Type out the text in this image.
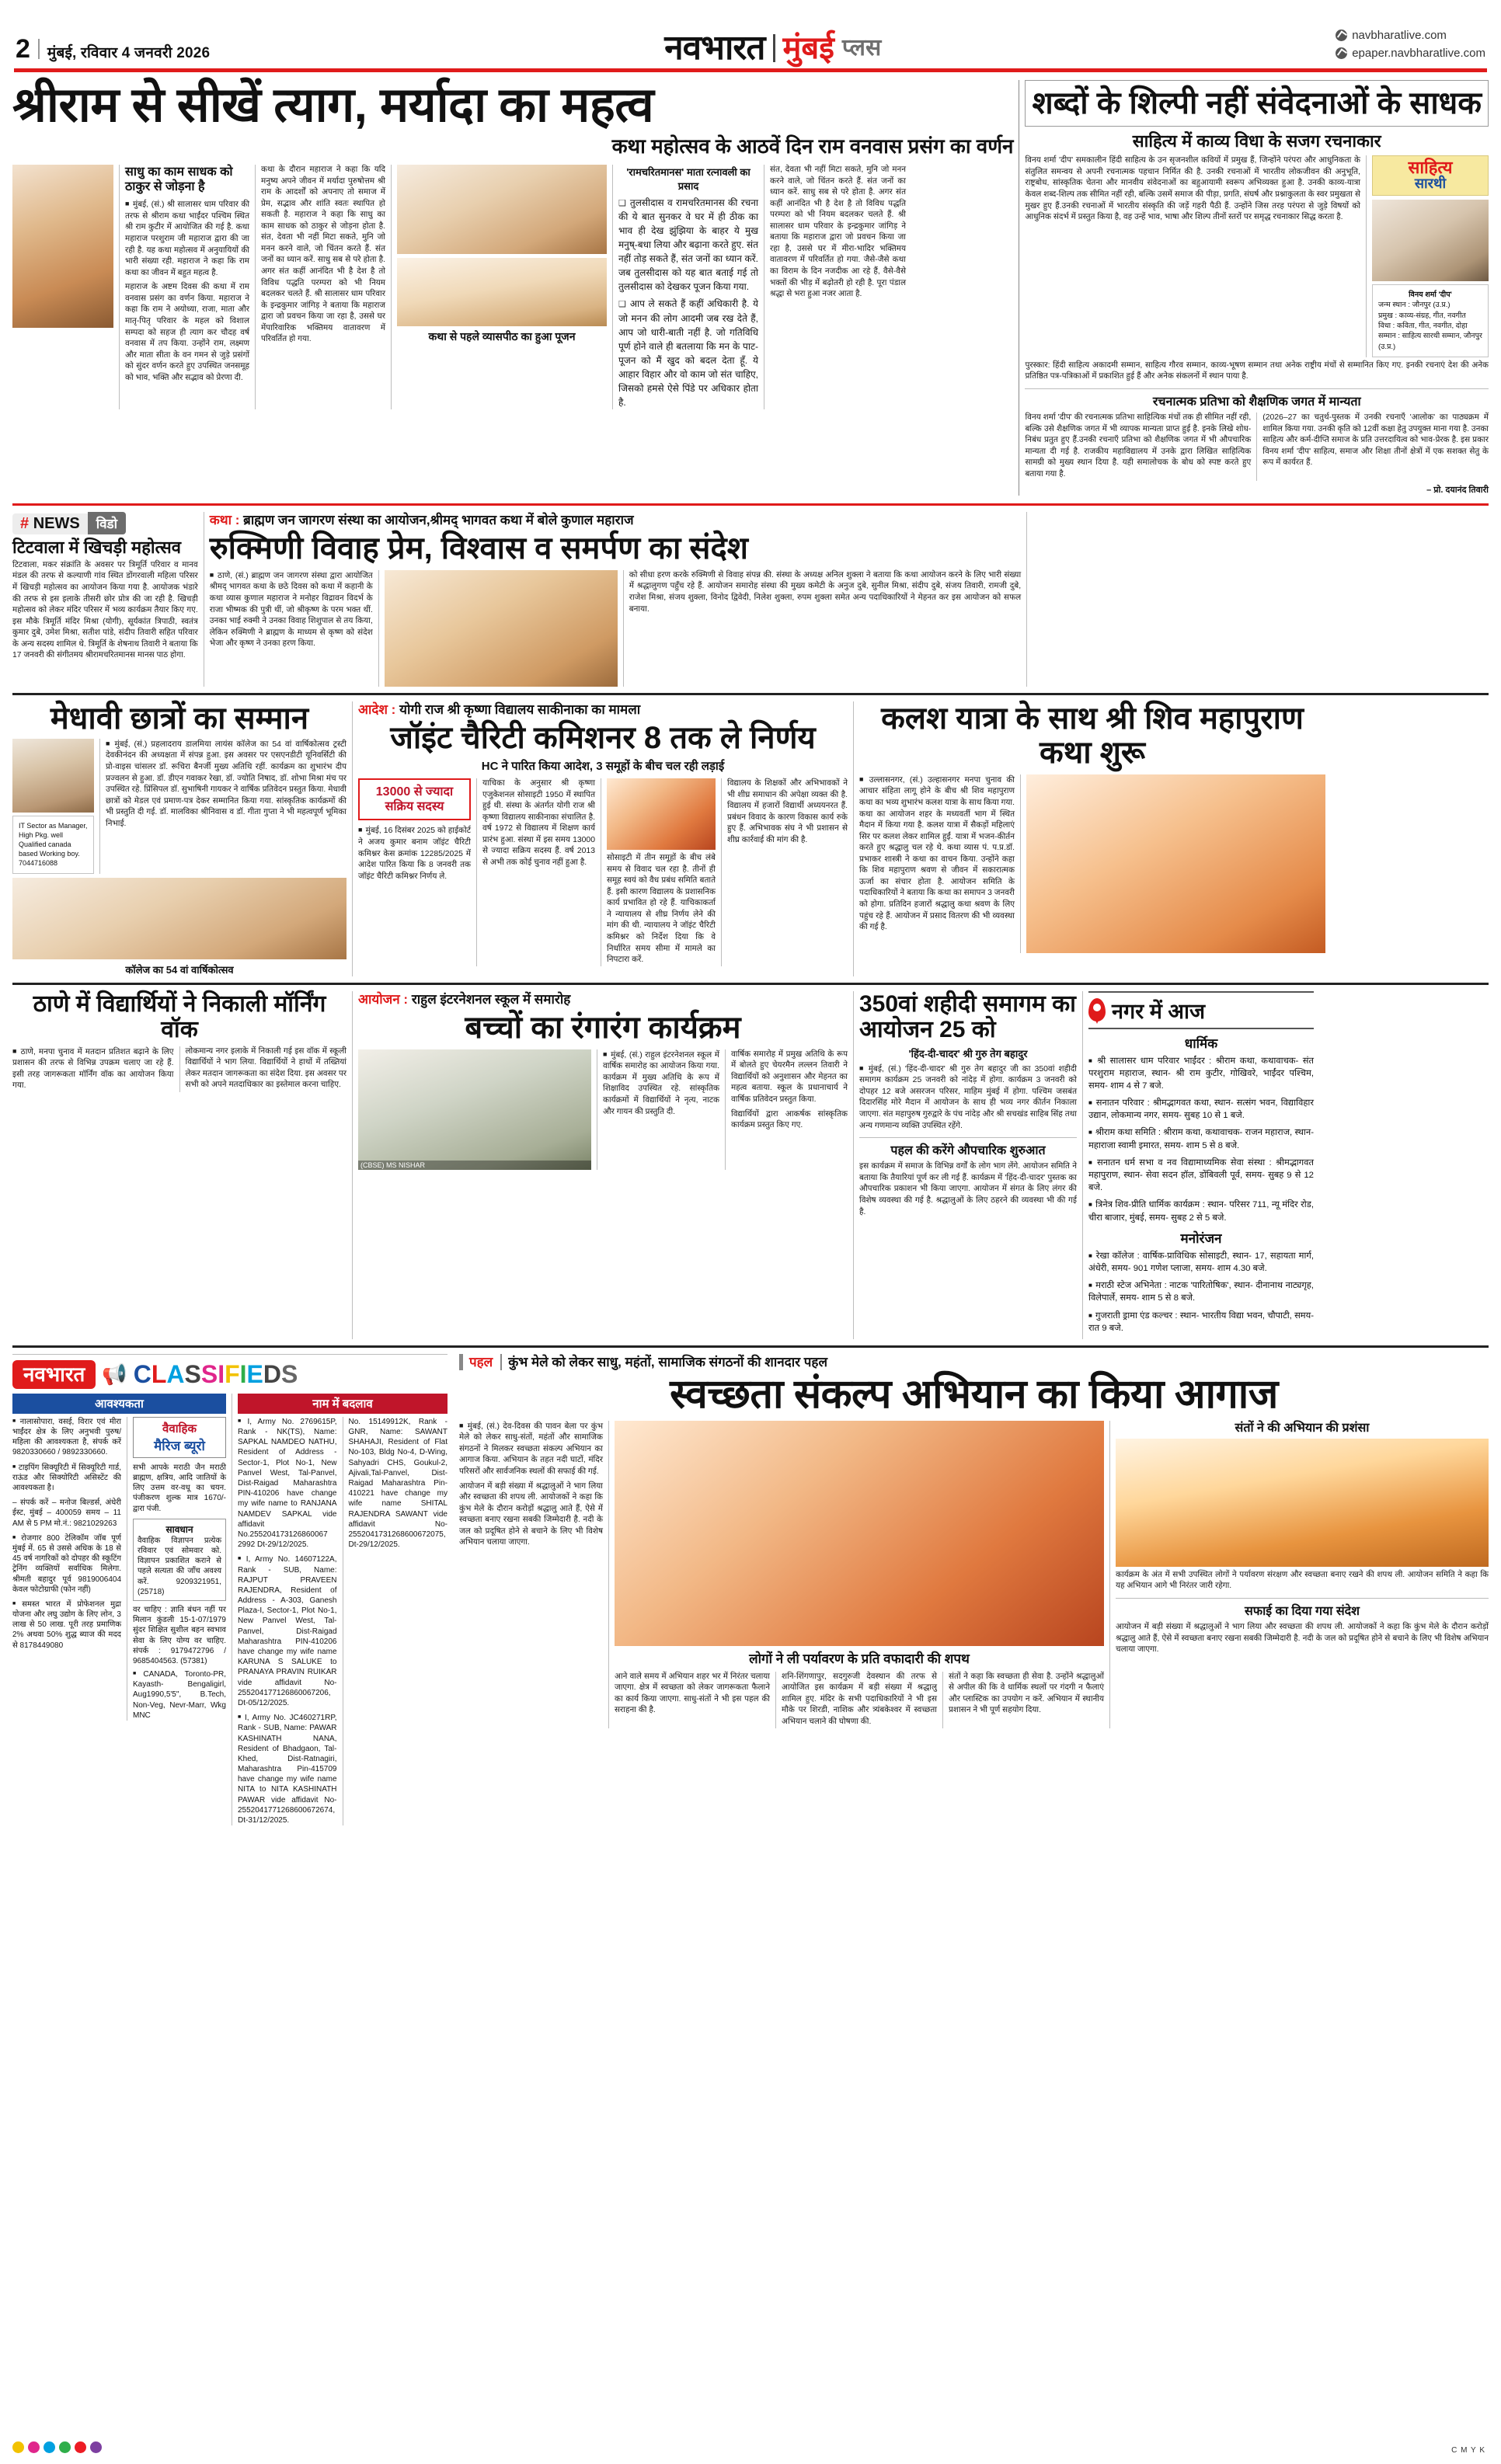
2 मुंबई, रविवार 4 जनवरी 2026	नवभारत मुंबई प्लस	navbharatlive.com
epaper.navbharatlive.com
श्रीराम से सीखें त्याग, मर्यादा का महत्व
कथा महोत्सव के आठवें दिन राम वनवास प्रसंग का वर्णन
साधु का काम साधक को ठाकुर से जोड़ना है

■ मुंबई, (सं.) श्री सालासर धाम परिवार की तरफ से श्रीराम कथा भाईंदर पश्चिम स्थित श्री राम कुटीर में आयोजित की गई है. कथा महाराज परशुराम जी महाराज द्वारा की जा रही है. यह कथा महोत्सव में अनुयायियों की भारी संख्या रही. महाराज ने कहा कि राम कथा का जीवन में बहुत महत्व है.

महाराज के अष्टम दिवस की कथा में राम वनवास प्रसंग का वर्णन किया. महाराज ने कहा कि राम ने अयोध्या, राजा, माता और मातृ-पितृ परिवार के महल को विशाल सम्पदा को सहज ही त्याग कर चौदह वर्ष वनवास में तप किया. उन्होंने राम, लक्ष्मण और माता सीता के वन गमन से जुड़े प्रसंगों को सुंदर वर्णन करते हुए उपस्थित जनसमूह को भाव, भक्ति और सद्भाव को प्रेरणा दी.

कथा के दौरान महाराज ने कहा कि यदि मनुष्य अपने जीवन में मर्यादा पुरुषोत्तम श्री राम के आदर्शों को अपनाए तो समाज में प्रेम, सद्भाव और शांति स्वतः स्थापित हो सकती है. महाराज ने कहा कि साधु का काम साधक को ठाकुर से जोड़ना होता है. संत, देवता भी नहीं मिटा सकते, मुनि जो मनन करने वाले, जो चिंतन करते हैं. संत जनों का ध्यान करें. साधु सब से परे होता है. अगर संत कहीं आनंदित भी है देश है तो विविध पद्धति परम्परा को भी नियम बदलकर चलते हैं. श्री सालासर धाम परिवार के इन्द्रकुमार जांगिड़ ने बताया कि महाराज द्वारा जो प्रवचन किया जा रहा है, उससे घर मेंपारिवारिक भक्तिमय वातावरण में परिवर्तित हो गया.	कथा से पहले व्यासपीठ का हुआ पूजन
'रामचरितमानस' माता रत्नावली का प्रसाद

❑ तुलसीदास व रामचरितमानस की रचना की ये बात सुनकर वे घर में ही ठीक का भाव ही देख झुंझिया के बाहर ये मुख मनुष्-बधा लिया और बढ़ाना करते हुए. संत नहीं तोड़ सकते हैं, संत जनों का ध्यान करें. जब तुलसीदास को यह बात बताई गई तो तुलसीदास को देखकर पूजन किया गया.

❑ आप ले सकते हैं कहीं अधिकारी है. ये जो मनन की लोग आदमी जब रख देते हैं, आप जो धारी-बाती नहीं है. जो गतिविधि पूर्ण होने वाले ही बतलाया कि मन के पाट-पूजन को मैं खुद को बदल देता हूँ. ये आहार विहार और वो काम जो संत चाहिए, जिसको हमसे ऐसे पिंडे पर अधिकार होता है.

संत, देवता भी नहीं मिटा सकते, मुनि जो मनन करने वाले, जो चिंतन करते हैं. संत जनों का ध्यान करें. साधु सब से परे होता है. अगर संत कहीं आनंदित भी है देश है तो विविध पद्धति परम्परा को भी नियम बदलकर चलते हैं. श्री सालासर धाम परिवार के इन्द्रकुमार जांगिड़ ने बताया कि महाराज द्वारा जो प्रवचन किया जा रहा है, उससे घर में मीरा-भादिर भक्तिमय वातावरण में परिवर्तित हो गया. जैसे-जैसे कथा का विराम के दिन नजदीक आ रहे हैं, वैसे-वैसे भक्तों की भीड़ में बढ़ोतरी हो रही है. पूरा पंडाल श्रद्धा से भरा हुआ नजर आता है.

शब्दों के शिल्पी नहीं संवेदनाओं के साधक
साहित्य में काव्य विधा के सजग रचनाकार

विनय शर्मा 'दीप' समकालीन हिंदी साहित्य के उन सृजनशील कवियों में प्रमुख हैं, जिन्होंने परंपरा और आधुनिकता के संतुलित समन्वय से अपनी रचनात्मक पहचान निर्मित की है. उनकी रचनाओं में भारतीय लोकजीवन की अनुभूति, राष्ट्रबोध, सांस्कृतिक चेतना और मानवीय संवेदनाओं का बहुआयामी स्वरूप अभिव्यक्त हुआ है. उनकी काव्य-यात्रा केवल शब्द-शिल्प तक सीमित नहीं रही, बल्कि उसमें समाज की पीड़ा, प्रगति, संघर्ष और प्रश्नाकुलता के स्वर प्रमुखता से मुखर हुए हैं.उनकी रचनाओं में भारतीय संस्कृति की जड़ें गहरी पैठी हैं. उन्होंने जिस तरह परंपरा से जुड़े विषयों को आधुनिक संदर्भ में प्रस्तुत किया है, वह उन्हें भाव, भाषा और शिल्प तीनों स्तरों पर समृद्ध रचनाकार सिद्ध करता है.

साहित्य
सारथी
विनय शर्मा 'दीप'
जन्म स्थान : जौनपुर (उ.प्र.)
प्रमुख : काव्य-संग्रह, गीत, नवगीत
विधा : कविता, गीत, नवगीत, दोहा
सम्मान : साहित्य सारथी सम्मान, जौनपुर (उ.प्र.)

पुरस्कार: हिंदी साहित्य अकादमी सम्मान, साहित्य गौरव सम्मान, काव्य-भूषण सम्मान तथा अनेक राष्ट्रीय मंचों से सम्मानित किए गए. इनकी रचनाएं देश की अनेक प्रतिष्ठित पत्र-पत्रिकाओं में प्रकाशित हुई हैं और अनेक संकलनों में स्थान पाया है.

रचनात्मक प्रतिभा को शैक्षणिक जगत में मान्यता

विनय शर्मा 'दीप' की रचनात्मक प्रतिभा साहित्यिक मंचों तक ही सीमित नहीं रही, बल्कि उसे शैक्षणिक जगत में भी व्यापक मान्यता प्राप्त हुई है. इनके लिखे शोध-निबंध प्रतुत हुए हैं.उनकी रचनाएँ प्रतिभा को शैक्षणिक जगत में भी औपचारिक मान्यता दी गई है. राजकीय महाविद्यालय में उनके द्वारा लिखित साहित्यिक सामग्री को मुख्य स्थान दिया है. यही समालोचक के बोध को स्पष्ट करते हुए बताया गया है.

(2026–27 का चतुर्थ-पुस्तक में उनकी रचनाएँ 'आलोक' का पाठ्यक्रम में शामिल किया गया. उनकी कृति को 12वीं कक्षा हेतु उपयुक्त माना गया है. उनका साहित्य और कर्म-दीप्ति समाज के प्रति उत्तरदायित्व को भाव-प्रेरक है. इस प्रकार विनय शर्मा 'दीप' साहित्य, समाज और शिक्षा तीनों क्षेत्रों में एक सशक्त सेतु के रूप में कार्यरत हैं.

– प्रो. दयानंद तिवारी
# NEWS विडो
टिटवाला में खिचड़ी महोत्सव

टिटवाला, मकर संक्रांति के अवसर पर त्रिमूर्ति परिवार व मानव मंडल की तरफ से कल्याणी गांव स्थित डोंगरवाली महिला परिसर में खिचड़ी महोत्सव का आयोजन किया गया है. आयोजक भंडारे की तरफ से इस इलाके तीसरी छोर प्रोत्र की जा रही है. खिचड़ी महोत्सव को लेकर मंदिर परिसर में भव्य कार्यक्रम तैयार किए गए. इस मौके त्रिमूर्ति मंदिर मिश्रा (योगी), सूर्यकांत त्रिपाठी, स्वतंत्र कुमार दुबे, उमेश मिश्रा, सतीश पांडे, संदीप तिवारी सहित परिवार के अन्य सदस्य शामिल थे. त्रिमूर्ति के शेषनाथ तिवारी ने बताया कि 17 जनवरी की संगीतमय श्रीरामचरितमानस मानस पाठ होगा.

कथा : ब्राह्मण जन जागरण संस्था का आयोजन,श्रीमद् भागवत कथा में बोले कुणाल महाराज
रुक्मिणी विवाह प्रेम, विश्वास व समर्पण का संदेश

■ ठाणे, (सं.) ब्राह्मण जन जागरण संस्था द्वारा आयोजित श्रीमद् भागवत कथा के छठे दिवस को कथा में कहानी के कथा व्यास कुणाल महाराज ने मनोहर विद्रावन विदर्भ के राजा भीष्मक की पुत्री थीं, जो श्रीकृष्ण के परम भक्त थीं. उनका भाई रुक्मी ने उनका विवाह शिशुपाल से तय किया, लेकिन रुक्मिणी ने ब्राह्मण के माध्यम से कृष्ण को संदेश भेजा और कृष्ण ने उनका हरण किया.

को सीधा हरण करके रुक्मिणी से विवाह संपन्न की. संस्था के अध्यक्ष अनिल शुक्ला ने बताया कि कथा आयोजन करने के लिए भारी संख्या में श्रद्धालुगण पहुँच रहे हैं. आयोजन समारोह संस्था की मुख्य कमेटी के अनुज दुबे, सुनील मिश्रा, संदीप दुबे, संजय तिवारी, रामजी दुबे, राजेश मिश्रा, संजय शुक्ला, विनोद द्विवेदी, निलेश शुक्ला, रुपम शुक्ला समेत अन्य पदाधिकारियों ने मेहनत कर इस आयोजन को सफल बनाया.

मेधावी छात्रों का सम्मान
IT Sector as Manager, High Pkg. well Qualified canada based Working boy. 7044716088

■ मुंबई, (सं.) प्रहलादराय डालमिया लायंस कॉलेज का 54 वां वार्षिकोत्सव ट्रस्टी देवकीनंदन की अध्यक्षता में संपन्न हुआ. इस अवसर पर एसएनडीटी यूनिवर्सिटी की प्रो-वाइस चांसलर डॉ. रूचिरा बैनर्जी मुख्य अतिथि रहीं. कार्यक्रम का शुभारंभ दीप प्रज्वलन से हुआ. डॉ. डीएन गवाकर रेखा, डॉ. ज्योति निषाद, डॉ. शोभा मिश्रा मंच पर उपस्थित रहे. प्रिंसिपल डॉ. सुभाषिनी गायकर ने वार्षिक प्रतिवेदन प्रस्तुत किया. मेधावी छात्रों को मेडल एवं प्रमाण-पत्र देकर सम्मानित किया गया. सांस्कृतिक कार्यक्रमों की भी प्रस्तुति दी गई. डॉ. मालविका श्रीनिवास व डॉ. गीता गुप्ता ने भी महत्वपूर्ण भूमिका निभाई.

कॉलेज का 54 वां वार्षिकोत्सव
आदेश : योगी राज श्री कृष्णा विद्यालय साकीनाका का मामला
जॉइंट चैरिटी कमिशनर 8 तक ले निर्णय
HC ने पारित किया आदेश, 3 समूहों के बीच चल रही लड़ाई
13000 से ज्यादा सक्रिय सदस्य

■ मुंबई, 16 दिसंबर 2025 को हाईकोर्ट ने अजय कुमार बनाम जॉइंट चैरिटी कमिश्नर केस क्रमांक 12285/2025 में आदेश पारित किया कि 8 जनवरी तक जॉइंट चैरिटी कमिश्नर निर्णय ले.

याचिका के अनुसार श्री कृष्णा एजुकेशनल सोसाइटी 1950 में स्थापित हुई थी. संस्था के अंतर्गत योगी राज श्री कृष्णा विद्यालय साकीनाका संचालित है. वर्ष 1972 से विद्यालय में शिक्षण कार्य प्रारंभ हुआ. संस्था में इस समय 13000 से ज्यादा सक्रिय सदस्य हैं. वर्ष 2013 से अभी तक कोई चुनाव नहीं हुआ है.

सोसाइटी में तीन समूहों के बीच लंबे समय से विवाद चल रहा है. तीनों ही समूह स्वयं को वैध प्रबंध समिति बताते हैं. इसी कारण विद्यालय के प्रशासनिक कार्य प्रभावित हो रहे हैं. याचिकाकर्ता ने न्यायालय से शीघ्र निर्णय लेने की मांग की थी. न्यायालय ने जॉइंट चैरिटी कमिश्नर को निर्देश दिया कि वे निर्धारित समय सीमा में मामले का निपटारा करें.

विद्यालय के शिक्षकों और अभिभावकों ने भी शीघ्र समाधान की अपेक्षा व्यक्त की है. विद्यालय में हजारों विद्यार्थी अध्ययनरत हैं. प्रबंधन विवाद के कारण विकास कार्य रुके हुए हैं. अभिभावक संघ ने भी प्रशासन से शीघ्र कार्रवाई की मांग की है.

कलश यात्रा के साथ श्री शिव महापुराण कथा शुरू

■ उल्लासनगर, (सं.) उल्हासनगर मनपा चुनाव की आचार संहिता लागू होने के बीच श्री शिव महापुराण कथा का भव्य शुभारंभ कलश यात्रा के साथ किया गया. कथा का आयोजन शहर के मध्यवर्ती भाग में स्थित मैदान में किया गया है. कलश यात्रा में सैकड़ों महिलाएं सिर पर कलश लेकर शामिल हुईं. यात्रा में भजन-कीर्तन करते हुए श्रद्धालु चल रहे थे. कथा व्यास पं. प.प्र.डॉ. प्रभाकर शास्त्री ने कथा का वाचन किया. उन्होंने कहा कि शिव महापुराण श्रवण से जीवन में सकारात्मक ऊर्जा का संचार होता है. आयोजन समिति के पदाधिकारियों ने बताया कि कथा का समापन 3 जनवरी को होगा. प्रतिदिन हजारों श्रद्धालु कथा श्रवण के लिए पहुंच रहे हैं. आयोजन में प्रसाद वितरण की भी व्यवस्था की गई है.

ठाणे में विद्यार्थियों ने निकाली मॉर्निंग वॉक

■ ठाणे, मनपा चुनाव में मतदान प्रतिशत बढ़ाने के लिए प्रशासन की तरफ से विभिन्न उपक्रम चलाए जा रहे हैं. इसी तरह जागरूकता मॉर्निंग वॉक का आयोजन किया गया.

लोकमान्य नगर इलाके में निकाली गई इस वॉक में स्कूली विद्यार्थियों ने भाग लिया. विद्यार्थियों ने हाथों में तख्तियां लेकर मतदान जागरूकता का संदेश दिया. इस अवसर पर सभी को अपने मतदाधिकार का इस्तेमाल करना चाहिए.

आयोजन : राहुल इंटरनेशनल स्कूल में समारोह
बच्चों का रंगारंग कार्यक्रम
(CBSE) MS NISHAR

■ मुंबई, (सं.) राहुल इंटरनेशनल स्कूल में वार्षिक समारोह का आयोजन किया गया. कार्यक्रम में मुख्य अतिथि के रूप में शिक्षाविद उपस्थित रहे. सांस्कृतिक कार्यक्रमों में विद्यार्थियों ने नृत्य, नाटक और गायन की प्रस्तुति दी.

वार्षिक समारोह में प्रमुख अतिथि के रूप में बोलते हुए चेयरमैन लल्लन तिवारी ने विद्यार्थियों को अनुशासन और मेहनत का महत्व बताया. स्कूल के प्रधानाचार्य ने वार्षिक प्रतिवेदन प्रस्तुत किया.

विद्यार्थियों द्वारा आकर्षक सांस्कृतिक कार्यक्रम प्रस्तुत किए गए.

350वां शहीदी समागम का आयोजन 25 को
'हिंद-दी-चादर' श्री गुरु तेग बहादुर

■ मुंबई, (सं.) 'हिंद-दी-चादर' श्री गुरु तेग बहादुर जी का 350वां शहीदी समागम कार्यक्रम 25 जनवरी को नांदेड़ में होगा. कार्यक्रम 3 जनवरी को दोपहर 12 बजे असरजन परिसर, माहिम मुंबई में होगा. पश्चिम जसबंत दिदारसिंह मोरे मैदान में आयोजन के साथ ही भव्य नगर कीर्तन निकाला जाएगा. संत महापुरुष गुरुद्वारे के पंच नांदेड़ और श्री सचखंड साहिब सिंह तथा अन्य गणमान्य व्यक्ति उपस्थित रहेंगे.

पहल की करेंगे औपचारिक शुरुआत

इस कार्यक्रम में समाज के विभिन्न वर्गों के लोग भाग लेंगे. आयोजन समिति ने बताया कि तैयारियां पूर्ण कर ली गई हैं. कार्यक्रम में 'हिंद-दी-चादर' पुस्तक का औपचारिक प्रकाशन भी किया जाएगा. आयोजन में संगत के लिए लंगर की विशेष व्यवस्था की गई है. श्रद्धालुओं के लिए ठहरने की व्यवस्था भी की गई है.

नगर में आज
धार्मिक
■ श्री सालासर धाम परिवार भाईंदर : श्रीराम कथा, कथावाचक- संत परशुराम महाराज, स्थान- श्री राम कुटीर, गोखिवरे, भाईंदर पश्चिम, समय- शाम 4 से 7 बजे.
■ सनातन परिवार : श्रीमद्भागवत कथा, स्थान- सत्संग भवन, विद्याविहार उद्यान, लोकमान्य नगर, समय- सुबह 10 से 1 बजे.
■ श्रीराम कथा समिति : श्रीराम कथा, कथावाचक- राजन महाराज, स्थान- महाराजा स्वामी इमारत, समय- शाम 5 से 8 बजे.
■ सनातन धर्म सभा व नव विद्यामाध्यमिक सेवा संस्था : श्रीमद्भागवत महापुराण, स्थान- सेवा सदन हॉल, डोंबिवली पूर्व, समय- सुबह 9 से 12 बजे.
■ त्रिनेत्र शिव-प्रीति धार्मिक कार्यक्रम : स्थान- परिसर 711, न्यू मंदिर रोड, चीरा बाजार, मुंबई, समय- सुबह 2 से 5 बजे.
मनोरंजन
■ रेखा कॉलेज : वार्षिक-प्राविधिक सोसाइटी, स्थान- 17, सहायता मार्ग, अंधेरी, समय- 901 गणेश प्लाजा, समय- शाम 4.30 बजे.
■ मराठी स्टेज अभिनेता : नाटक 'पारितोषिक', स्थान- दीनानाथ नाट्यगृह, विलेपार्ले, समय- शाम 5 से 8 बजे.
■ गुजराती ड्रामा एंड कल्चर : स्थान- भारतीय विद्या भवन, चौपाटी, समय- रात 9 बजे.
नवभारत 📢 CLASSIFIEDS
आवश्यकता

■ नालासोपारा, वसई, विरार एवं मीरा भाईंदर क्षेत्र के लिए अनुभवी पुरुष/महिला की आवश्यकता है, संपर्क करें 9820330660 / 9892330660.

■ टाइपिंग सिक्यूरिटी में सिक्यूरिटी गार्ड, राऊंड और सिक्योरिटी असिस्टेंट की आवश्यकता है।

– संपर्क करें – मनोज बिल्डर्स, अंधेरी ईस्ट, मुंबई – 400059 समय – 11 AM से 5 PM मो.नं.: 9821029263

■ रोजगार 800 टेलिकॉम जॉब पूर्ण मुंबई में. 65 से उससे अधिक के 18 से 45 वर्ष नागरिकों को दोपहर की स्कूटिंग ट्रेनिंग व्यक्तियों सर्वाधिक मिलेगा. श्रीमती बहादुर पूर्व 9819006404 केवल फोटोग्राफी (फोन नहीं)

■ समस्त भारत में प्रोफेशनल मुद्रा योजना और लघु उद्योग के लिए लोन, 3 लाख से 50 लाख. पूरी तरह प्रमाणिक 2% अथवा 50% शुद्ध ब्याज की मदद से 8178449080

वैवाहिक
मैरिज ब्यूरो

सभी आपके मराठी जैन मराठी ब्राह्मण, क्षत्रिय, आदि जातियों के लिए उत्तम वर-वधू का चयन. पंजीकरण शुल्क मात्र 1670/- द्वारा पंजी.

सावधान

वैवाहिक विज्ञापन प्रत्येक रविवार एवं सोमवार को. विज्ञापन प्रकाशित कराने से पहले सत्यता की जाँच अवश्य करें. 9209321951, (25718)

वर चाहिए : ज्ञाति बंधन नहीं पर मिलान कुंडली 15-1-07/1979 सुंदर शिक्षित सुशील बहन स्वभाव सेवा के लिए योग्य वर चाहिए. संपर्क : 9179472796 / 9685404563. (57381)

■ CANADA, Toronto-PR, Kayasth- Bengaligirl, Aug1990,5'5", B.Tech, Non-Veg, Nevr-Marr, Wkg MNC

नाम में बदलाव

■ I, Army No. 2769615P, Rank - NK(TS), Name: SAPKAL NAMDEO NATHU, Resident of Address - Sector-1, Plot No-1, New Panvel West, Tal-Panvel, Dist-Raigad Maharashtra PIN-410206 have change my wife name to RANJANA NAMDEV SAPKAL vide affidavit No.255204173126860067 2992 Dt-29/12/2025.

■ I, Army No. 14607122A, Rank - SUB, Name: RAJPUT PRAVEEN RAJENDRA, Resident of Address - A-303, Ganesh Plaza-I, Sector-1, Plot No-1, New Panvel West, Tal-Panvel, Dist-Raigad Maharashtra PIN-410206 have change my wife name KARUNA S SALUKE to PRANAYA PRAVIN RUIKAR vide affidavit No-255204177126860067206, Dt-05/12/2025.

■ I, Army No. JC460271RP, Rank - SUB, Name: PAWAR KASHINATH NANA, Resident of Bhadgaon, Tal-Khed, Dist-Ratnagiri, Maharashtra Pin-415709 have change my wife name NITA to NITA KASHINATH PAWAR vide affidavit No-2552041771268600672674, Dt-31/12/2025.

No. 15149912K, Rank - GNR, Name: SAWANT SHAHAJI, Resident of Flat No-103, Bldg No-4, D-Wing, Sahyadri CHS, Goukul-2, Ajivali,Tal-Panvel, Dist-Raigad Maharashtra Pin-410221 have change my wife name SHITAL RAJENDRA SAWANT vide affidavit No-2552041731268600672075, Dt-29/12/2025.

पहल	कुंभ मेले को लेकर साधु, महंतों, सामाजिक संगठनों की शानदार पहल
स्वच्छता संकल्प अभियान का किया आगाज

■ मुंबई, (सं.) देव-दिवस की पावन बेला पर कुंभ मेले को लेकर साधु-संतों, महंतों और सामाजिक संगठनों ने मिलकर स्वच्छता संकल्प अभियान का आगाज किया. अभियान के तहत नदी घाटों, मंदिर परिसरों और सार्वजनिक स्थलों की सफाई की गई.

आयोजन में बड़ी संख्या में श्रद्धालुओं ने भाग लिया और स्वच्छता की शपथ ली. आयोजकों ने कहा कि कुंभ मेले के दौरान करोड़ों श्रद्धालु आते हैं, ऐसे में स्वच्छता बनाए रखना सबकी जिम्मेदारी है. नदी के जल को प्रदूषित होने से बचाने के लिए भी विशेष अभियान चलाया जाएगा.

लोगों ने ली पर्यावरण के प्रति वफादारी की शपथ

आने वाले समय में अभियान शहर भर में निरंतर चलाया जाएगा. क्षेत्र में स्वच्छता को लेकर जागरूकता फैलाने का कार्य किया जाएगा. साधु-संतों ने भी इस पहल की सराहना की है.

शनि-शिंगणापुर, सदगुरुजी देवस्थान की तरफ से आयोजित इस कार्यक्रम में बड़ी संख्या में श्रद्धालु शामिल हुए. मंदिर के सभी पदाधिकारियों ने भी इस मौके पर शिरडी, नाशिक और त्र्यंबकेश्वर में स्वच्छता अभियान चलाने की घोषणा की.

संतों ने कहा कि स्वच्छता ही सेवा है. उन्होंने श्रद्धालुओं से अपील की कि वे धार्मिक स्थलों पर गंदगी न फैलाएं और प्लास्टिक का उपयोग न करें. अभियान में स्थानीय प्रशासन ने भी पूर्ण सहयोग दिया.

संतों ने की अभियान की प्रशंसा

कार्यक्रम के अंत में सभी उपस्थित लोगों ने पर्यावरण संरक्षण और स्वच्छता बनाए रखने की शपथ ली. आयोजन समिति ने कहा कि यह अभियान आगे भी निरंतर जारी रहेगा.

सफाई का दिया गया संदेश

आयोजन में बड़ी संख्या में श्रद्धालुओं ने भाग लिया और स्वच्छता की शपथ ली. आयोजकों ने कहा कि कुंभ मेले के दौरान करोड़ों श्रद्धालु आते हैं, ऐसे में स्वच्छता बनाए रखना सबकी जिम्मेदारी है. नदी के जल को प्रदूषित होने से बचाने के लिए भी विशेष अभियान चलाया जाएगा.

C M Y K
